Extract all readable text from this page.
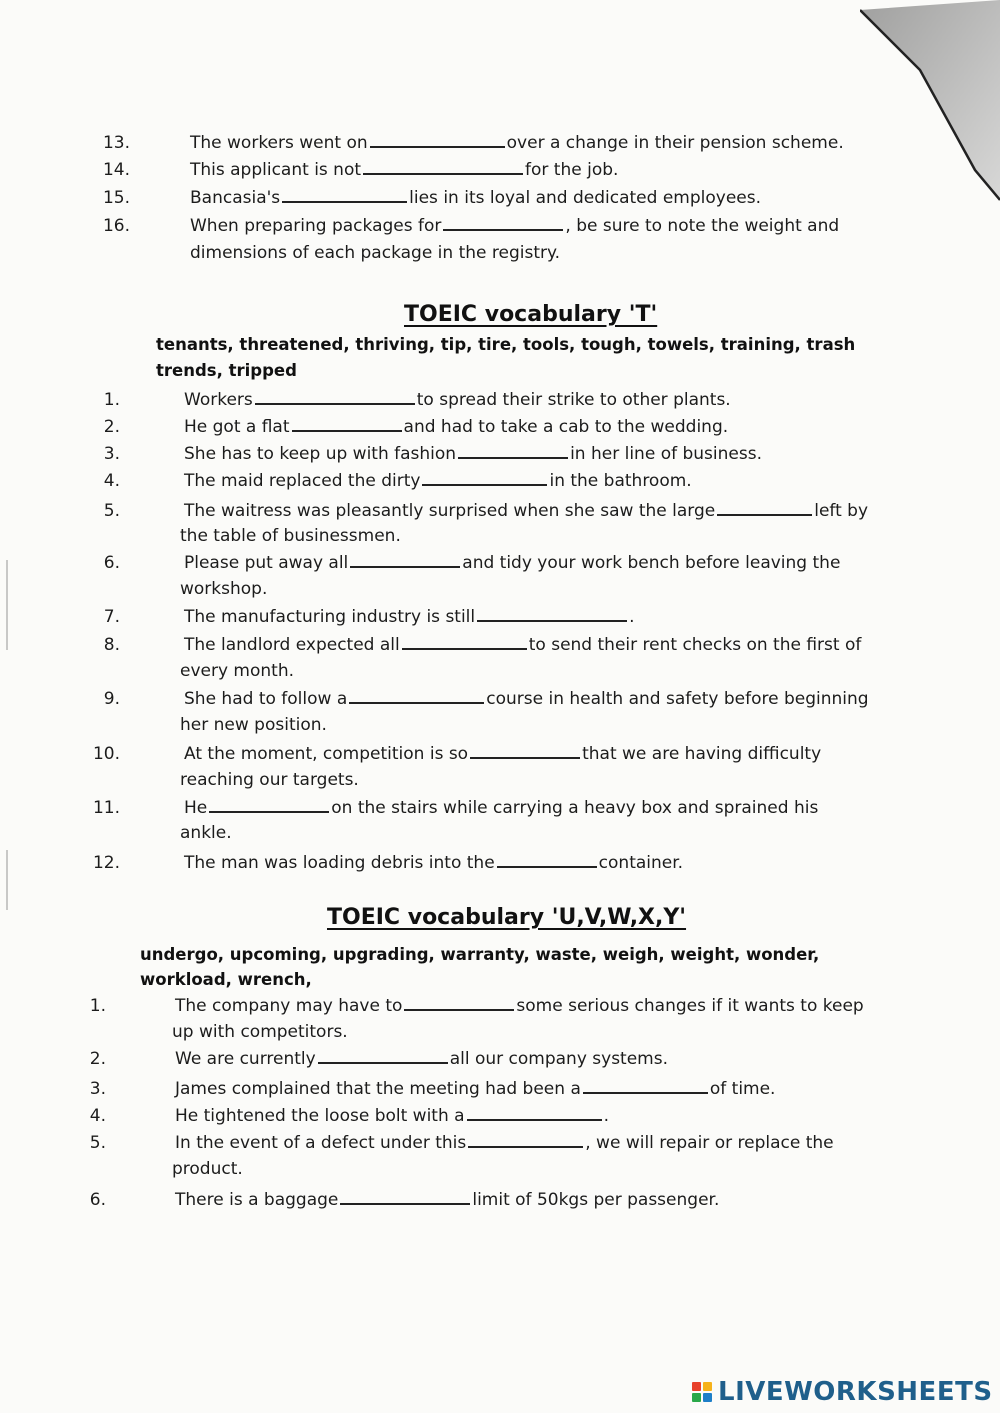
13.	The workers went on	over a change in their pension scheme.
14.	This applicant is not	for the job.
15.	Bancasia's	lies in its loyal and dedicated employees.
16.	When preparing packages for	, be sure to note the weight and
dimensions of each package in the registry.
TOEIC vocabulary 'T'
tenants, threatened, thriving, tip, tire, tools, tough, towels, training, trash
trends, tripped
1.	Workers	to spread their strike to other plants.
2.	He got a flat	and had to take a cab to the wedding.
3.	She has to keep up with fashion	in her line of business.
4.	The maid replaced the dirty	in the bathroom.
5.	The waitress was pleasantly surprised when she saw the large	left by
the table of businessmen.
6.	Please put away all	and tidy your work bench before leaving the
workshop.
7.	The manufacturing industry is still	.
8.	The landlord expected all	to send their rent checks on the first of
every month.
9.	She had to follow a	course in health and safety before beginning
her new position.
10.	At the moment, competition is so	that we are having difficulty
reaching our targets.
11.	He	on the stairs while carrying a heavy box and sprained his
ankle.
12.	The man was loading debris into the	container.
TOEIC vocabulary 'U,V,W,X,Y'
undergo, upcoming, upgrading, warranty, waste, weigh, weight, wonder,
workload, wrench,
1.	The company may have to	some serious changes if it wants to keep
up with competitors.
2.	We are currently	all our company systems.
3.	James complained that the meeting had been a	of time.
4.	He tightened the loose bolt with a	.
5.	In the event of a defect under this	, we will repair or replace the
product.
6.	There is a baggage	limit of 50kgs per passenger.
LIVEWORKSHEETS
